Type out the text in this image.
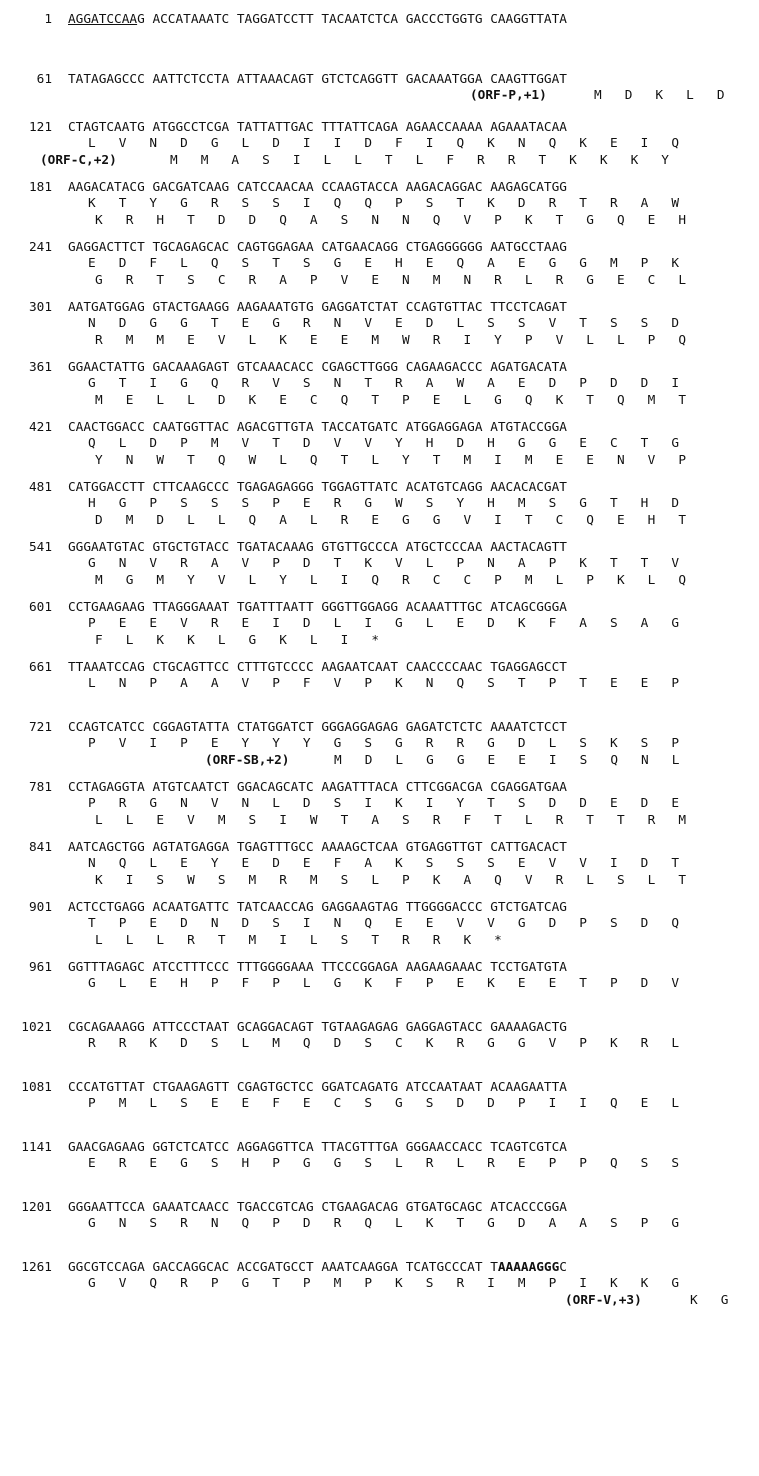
1 AGGATCCAAG ACCATAAATC TAGGATCCTT TACAATCTCA GACCCTGGTG CAAGGTTATA
61 TATAGAGCCC AATTCTCCTA ATTAAACAGT GTCTCAGGTT GACAAATGGA CAAGTTGGAT
(ORF-P,+1)	M   D   K   L   D
121 CTAGTCAATG ATGGCCTCGA TATTATTGAC TTTATTCAGA AGAACCAAAA AGAAATACAA
L   V   N   D   G   L   D   I   I   D   F   I   Q   K   N   Q   K   E   I   Q
(ORF-C,+2)	M   M   A   S   I   L   L   T   L   F   R   R   T   K   K   K   Y
181 AAGACATACG GACGATCAAG CATCCAACAA CCAAGTACCA AAGACAGGAC AAGAGCATGG
K   T   Y   G   R   S   S   I   Q   Q   P   S   T   K   D   R   T   R   A   W
K   R   H   T   D   D   Q   A   S   N   N   Q   V   P   K   T   G   Q   E   H
241 GAGGACTTCT TGCAGAGCAC CAGTGGAGAA CATGAACAGG CTGAGGGGGG AATGCCTAAG
E   D   F   L   Q   S   T   S   G   E   H   E   Q   A   E   G   G   M   P   K
G   R   T   S   C   R   A   P   V   E   N   M   N   R   L   R   G   E   C   L
301 AATGATGGAG GTACTGAAGG AAGAAATGTG GAGGATCTAT CCAGTGTTAC TTCCTCAGAT
N   D   G   G   T   E   G   R   N   V   E   D   L   S   S   V   T   S   S   D
R   M   M   E   V   L   K   E   E   M   W   R   I   Y   P   V   L   L   P   Q
361 GGAACTATTG GACAAAGAGT GTCAAACACC CGAGCTTGGG CAGAAGACCC AGATGACATA
G   T   I   G   Q   R   V   S   N   T   R   A   W   A   E   D   P   D   D   I
M   E   L   L   D   K   E   C   Q   T   P   E   L   G   Q   K   T   Q   M   T
421 CAACTGGACC CAATGGTTAC AGACGTTGTA TACCATGATC ATGGAGGAGA ATGTACCGGA
Q   L   D   P   M   V   T   D   V   V   Y   H   D   H   G   G   E   C   T   G
Y   N   W   T   Q   W   L   Q   T   L   Y   T   M   I   M   E   E   N   V   P
481 CATGGACCTT CTTCAAGCCC TGAGAGAGGG TGGAGTTATC ACATGTCAGG AACACACGAT
H   G   P   S   S   S   P   E   R   G   W   S   Y   H   M   S   G   T   H   D
D   M   D   L   L   Q   A   L   R   E   G   G   V   I   T   C   Q   E   H   T
541 GGGAATGTAC GTGCTGTACC TGATACAAAG GTGTTGCCCA ATGCTCCCAA AACTACAGTT
G   N   V   R   A   V   P   D   T   K   V   L   P   N   A   P   K   T   T   V
M   G   M   Y   V   L   Y   L   I   Q   R   C   C   P   M   L   P   K   L   Q
601 CCTGAAGAAG TTAGGGAAAT TGATTTAATT GGGTTGGAGG ACAAATTTGC ATCAGCGGGA
P   E   E   V   R   E   I   D   L   I   G   L   E   D   K   F   A   S   A   G
F   L   K   K   L   G   K   L   I   *
661 TTAAATCCAG CTGCAGTTCC CTTTGTCCCC AAGAATCAAT CAACCCCAAC TGAGGAGCCT
L   N   P   A   A   V   P   F   V   P   K   N   Q   S   T   P   T   E   E   P
721 CCAGTCATCC CGGAGTATTA CTATGGATCT GGGAGGAGAG GAGATCTCTC AAAATCTCCT
P   V   I   P   E   Y   Y   Y   G   S   G   R   R   G   D   L   S   K   S   P
(ORF-SB,+2)	M   D   L   G   G   E   E   I   S   Q   N   L
781 CCTAGAGGTA ATGTCAATCT GGACAGCATC AAGATTTACA CTTCGGACGA CGAGGATGAA
P   R   G   N   V   N   L   D   S   I   K   I   Y   T   S   D   D   E   D   E
L   L   E   V   M   S   I   W   T   A   S   R   F   T   L   R   T   T   R   M
841 AATCAGCTGG AGTATGAGGA TGAGTTTGCC AAAAGCTCAA GTGAGGTTGT CATTGACACT
N   Q   L   E   Y   E   D   E   F   A   K   S   S   S   E   V   V   I   D   T
K   I   S   W   S   M   R   M   S   L   P   K   A   Q   V   R   L   S   L   T
901 ACTCCTGAGG ACAATGATTC TATCAACCAG GAGGAAGTAG TTGGGGACCC GTCTGATCAG
T   P   E   D   N   D   S   I   N   Q   E   E   V   V   G   D   P   S   D   Q
L   L   L   R   T   M   I   L   S   T   R   R   K   *
961 GGTTTAGAGC ATCCTTTCCC TTTGGGGAAA TTCCCGGAGA AAGAAGAAAC TCCTGATGTA
G   L   E   H   P   F   P   L   G   K   F   P   E   K   E   E   T   P   D   V
1021 CGCAGAAAGG ATTCCCTAAT GCAGGACAGT TGTAAGAGAG GAGGAGTACC GAAAAGACTG
R   R   K   D   S   L   M   Q   D   S   C   K   R   G   G   V   P   K   R   L
1081 CCCATGTTAT CTGAAGAGTT CGAGTGCTCC GGATCAGATG ATCCAATAAT ACAAGAATTA
P   M   L   S   E   E   F   E   C   S   G   S   D   D   P   I   I   Q   E   L
1141 GAACGAGAAG GGTCTCATCC AGGAGGTTCA TTACGTTTGA GGGAACCACC TCAGTCGTCA
E   R   E   G   S   H   P   G   G   S   L   R   L   R   E   P   P   Q   S   S
1201 GGGAATTCCA GAAATCAACC TGACCGTCAG CTGAAGACAG GTGATGCAGC ATCACCCGGA
G   N   S   R   N   Q   P   D   R   Q   L   K   T   G   D   A   A   S   P   G
1261 GGCGTCCAGA GACCAGGCAC ACCGATGCCT AAATCAAGGA TCATGCCCAT TAAAAAGGGC
G   V   Q   R   P   G   T   P   M   P   K   S   R   I   M   P   I   K   K   G
(ORF-V,+3)	K   G
